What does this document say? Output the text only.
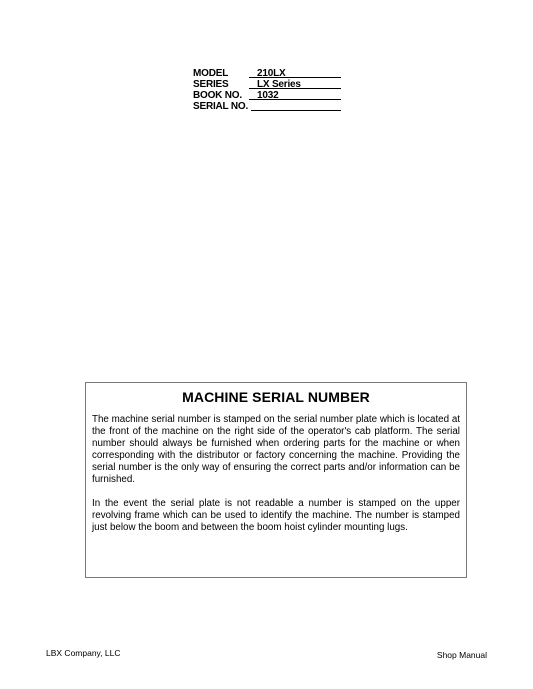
MODEL	210LX
SERIES	LX Series
BOOK NO.	1032
SERIAL NO.
MACHINE SERIAL NUMBER

The machine serial number is stamped on the serial number plate which is located at the front of the machine on the right side of the operator's cab platform. The serial number should always be furnished when ordering parts for the machine or when corresponding with the distributor or factory concerning the machine. Providing the serial number is the only way of ensuring the correct parts and/or information can be furnished.

In the event the serial plate is not readable a number is stamped on the upper revolving frame which can be used to identify the machine. The number is stamped just below the boom and between the boom hoist cylinder mounting lugs.

LBX Company, LLC	Shop Manual
